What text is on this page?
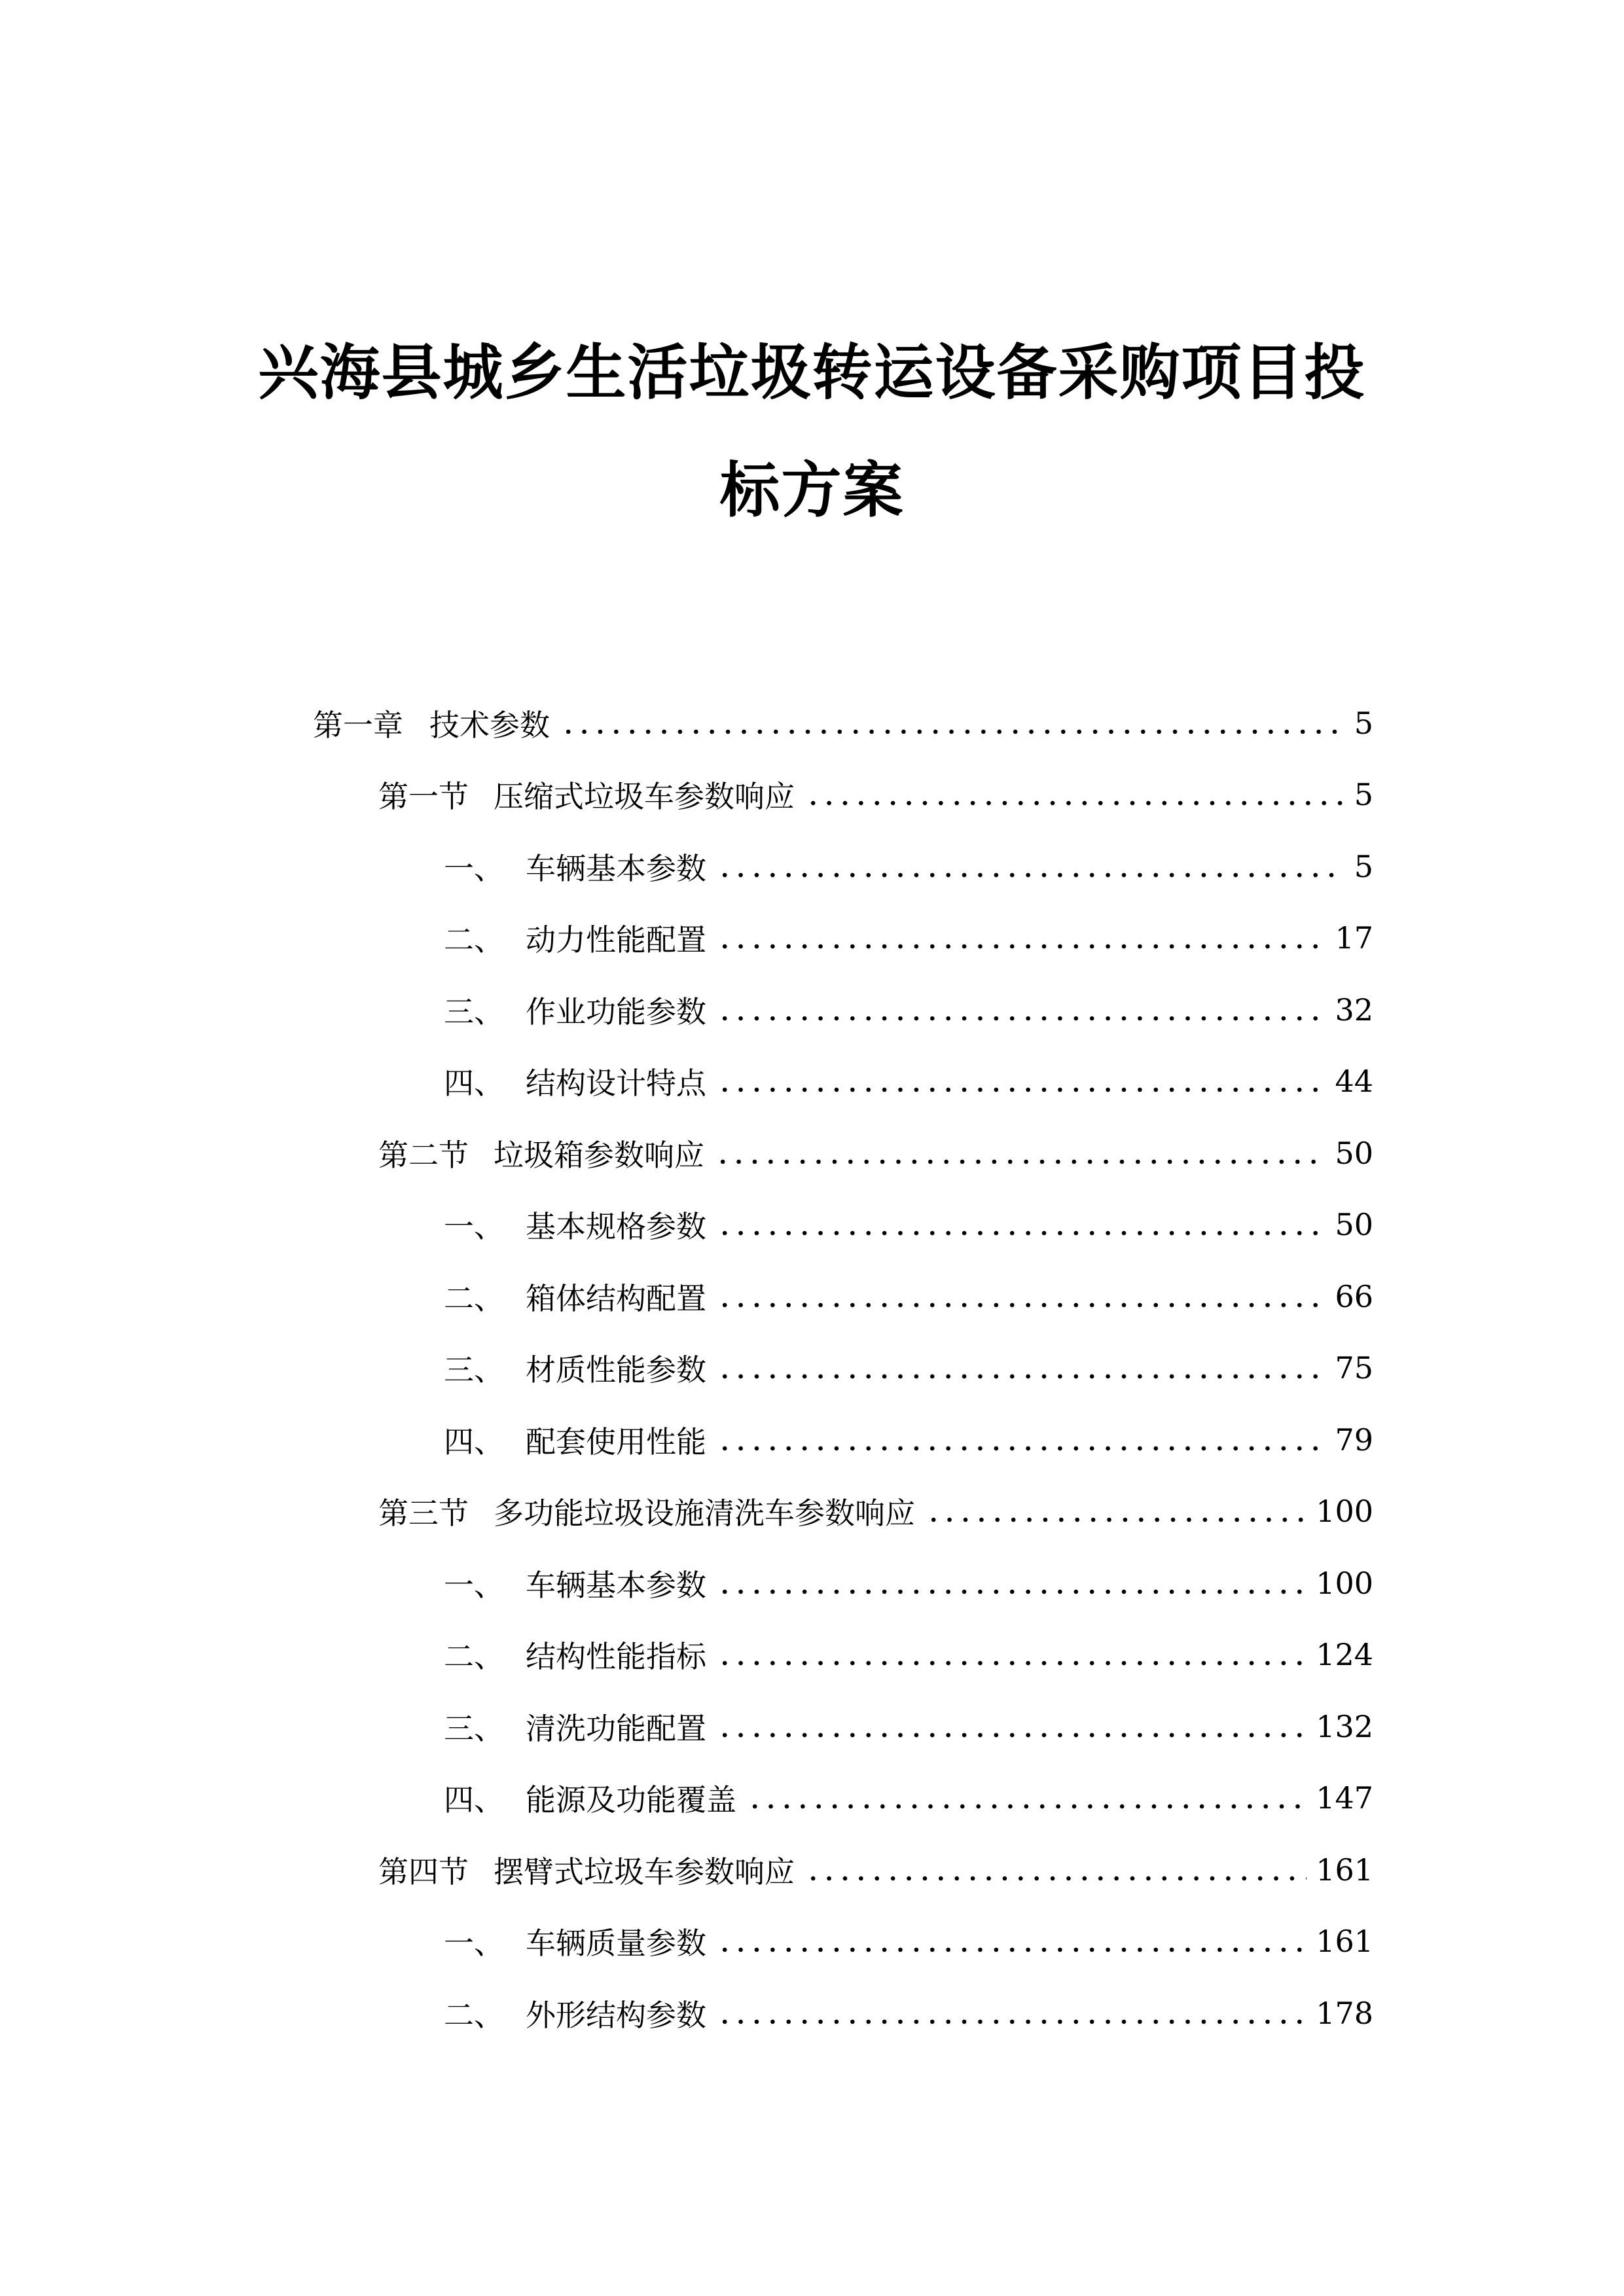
兴海县城乡生活垃圾转运设备采购项目投
标方案
第一章 技术参数	5
第一节 压缩式垃圾车参数响应	5
一、 车辆基本参数	5
二、 动力性能配置	17
三、 作业功能参数	32
四、 结构设计特点	44
第二节 垃圾箱参数响应	50
一、 基本规格参数	50
二、 箱体结构配置	66
三、 材质性能参数	75
四、 配套使用性能	79
第三节 多功能垃圾设施清洗车参数响应	100
一、 车辆基本参数	100
二、 结构性能指标	124
三、 清洗功能配置	132
四、 能源及功能覆盖	147
第四节 摆臂式垃圾车参数响应	161
一、 车辆质量参数	161
二、 外形结构参数	178
